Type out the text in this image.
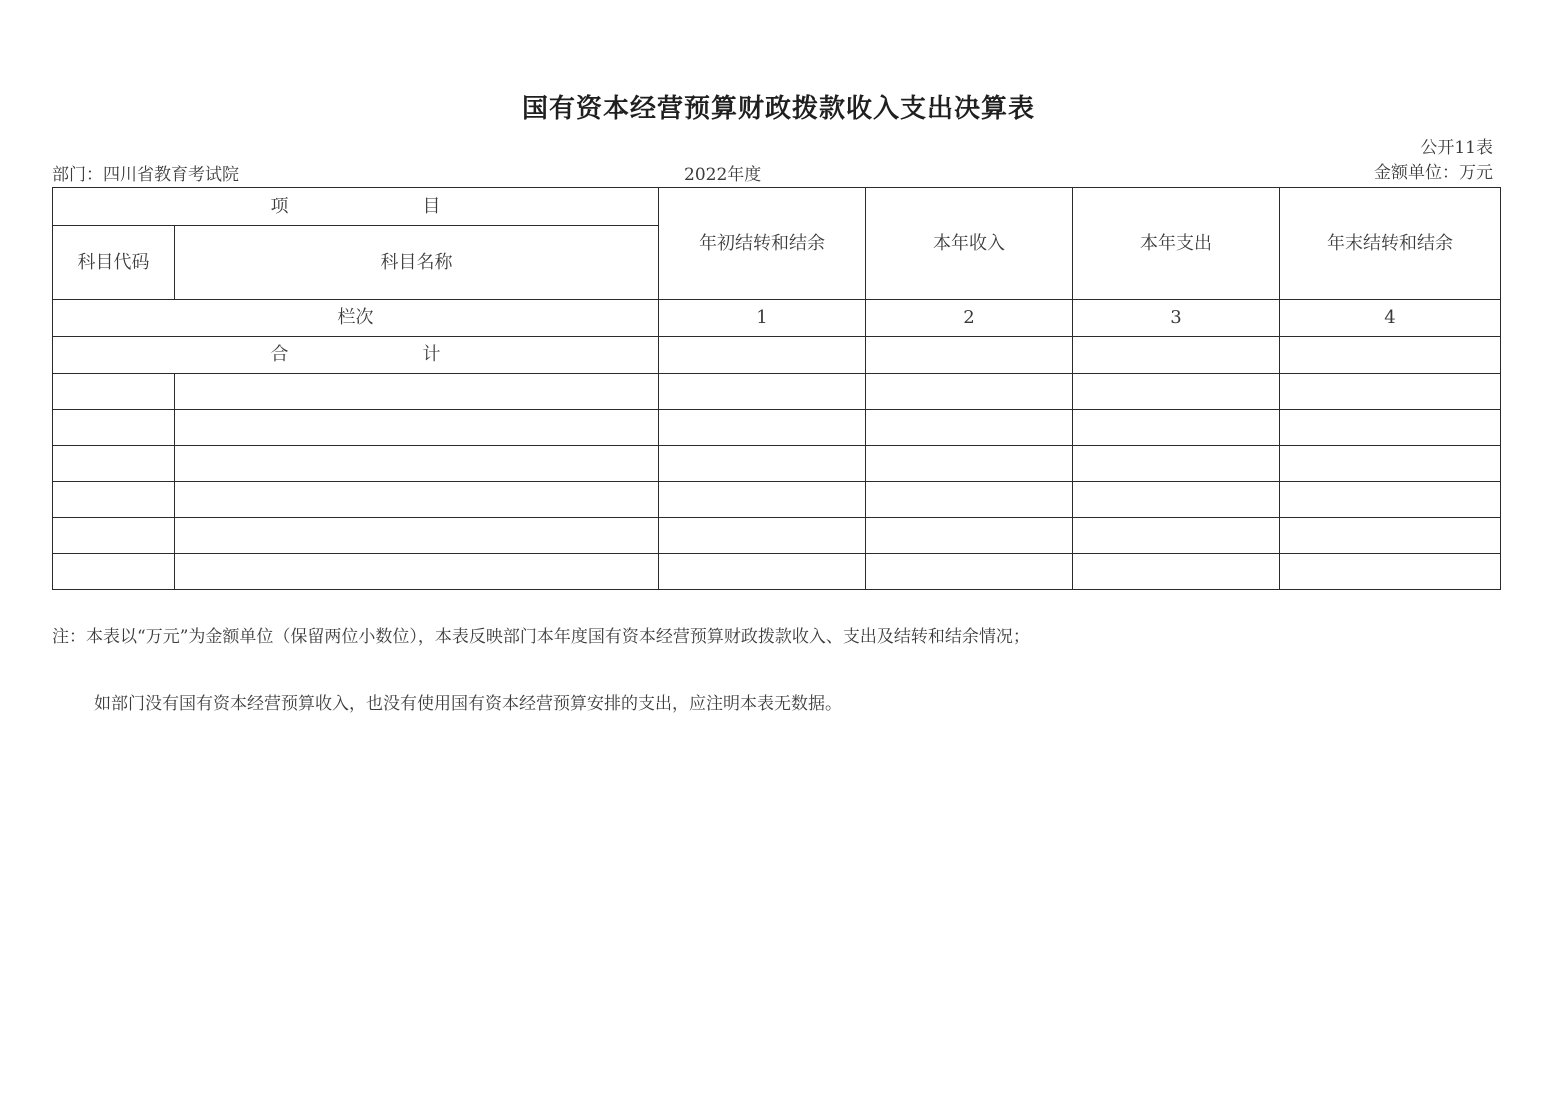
国有资本经营预算财政拨款收入支出决算表
公开11表
部门：四川省教育考试院	2022年度	金额单位：万元
项 目		年初结转和结余	本年收入	本年支出	年末结转和结余
科目代码	科目名称				
栏次		1	2	3	4

合 计					

注：本表以“万元”为金额单位（保留两位小数位），本表反映部门本年度国有资本经营预算财政拨款收入、支出及结转和结余情况；
如部门没有国有资本经营预算收入，也没有使用国有资本经营预算安排的支出，应注明本表无数据。
